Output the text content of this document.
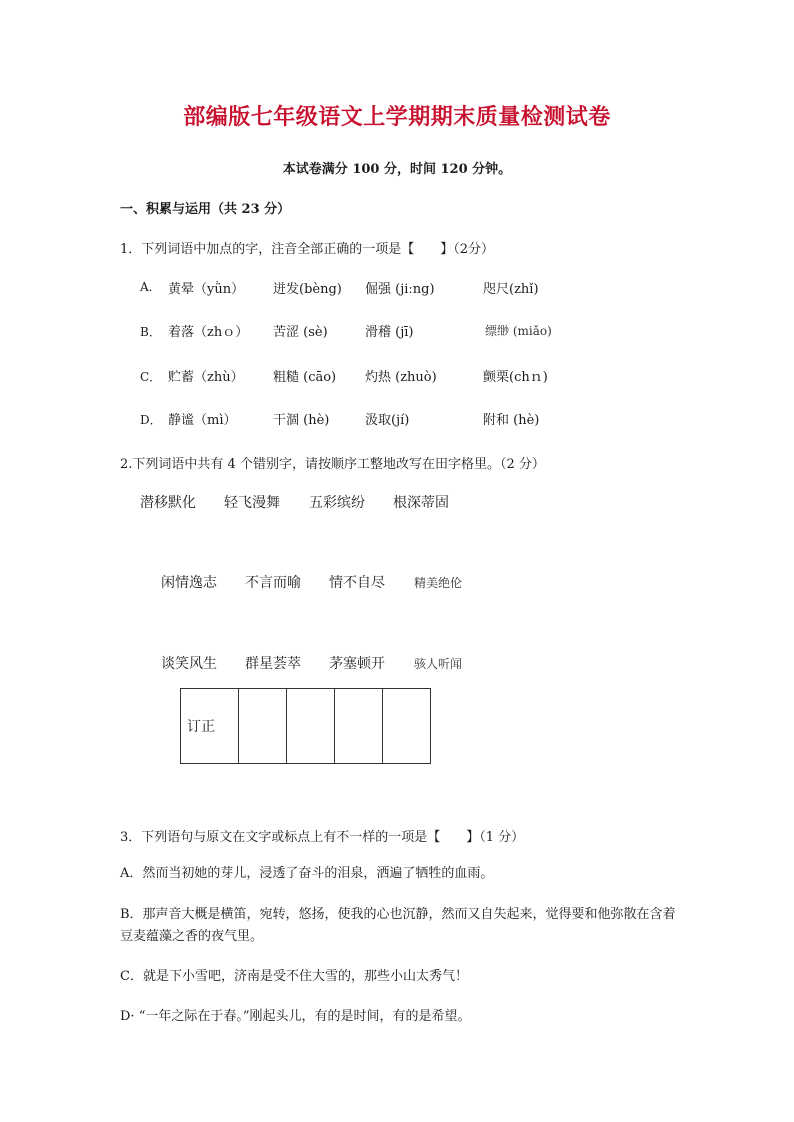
部编版七年级语文上学期期末质量检测试卷
本试卷满分 100 分，时间 120 分钟。
一、积累与运用（共 23 分）
1．下列词语中加点的字，注音全部正确的一项是【　　】（2分）
A. 黄晕（yǜn） 迸发(bèng) 倔强 (jiːng)	咫尺(zhǐ)
B． 着落（zhｏ） 苦涩 (sè)	滑稽 (jī)	缥缈 (miǎo)
C． 贮蓄（zhù） 粗糙 (cāo) 灼热 (zhuò)	颤栗(chｎ)
D． 静谧（mì）	干涸 (hè)	汲取(jí)	附和 (hè)
2.下列词语中共有 4 个错别字，请按顺序工整地改写在田字格里。（2 分）
潜移默化 轻飞漫舞 五彩缤纷 根深蒂固
闲情逸志 不言而喻 情不自尽 精美绝伦
谈笑风生 群星荟萃 茅塞顿开 骇人听闻
订正				
3．下列语句与原文在文字或标点上有不一样的一项是【　　】（1 分）
A．然而当初她的芽儿，浸透了奋斗的泪泉，洒遍了牺牲的血雨。
B．那声音大概是横笛，宛转，悠扬，使我的心也沉静，然而又自失起来，觉得要和他弥散在含着豆麦蕴藻之香的夜气里。
C．就是下小雪吧，济南是受不住大雪的，那些小山太秀气！
D· “一年之际在于春。”刚起头儿，有的是时间，有的是希望。
